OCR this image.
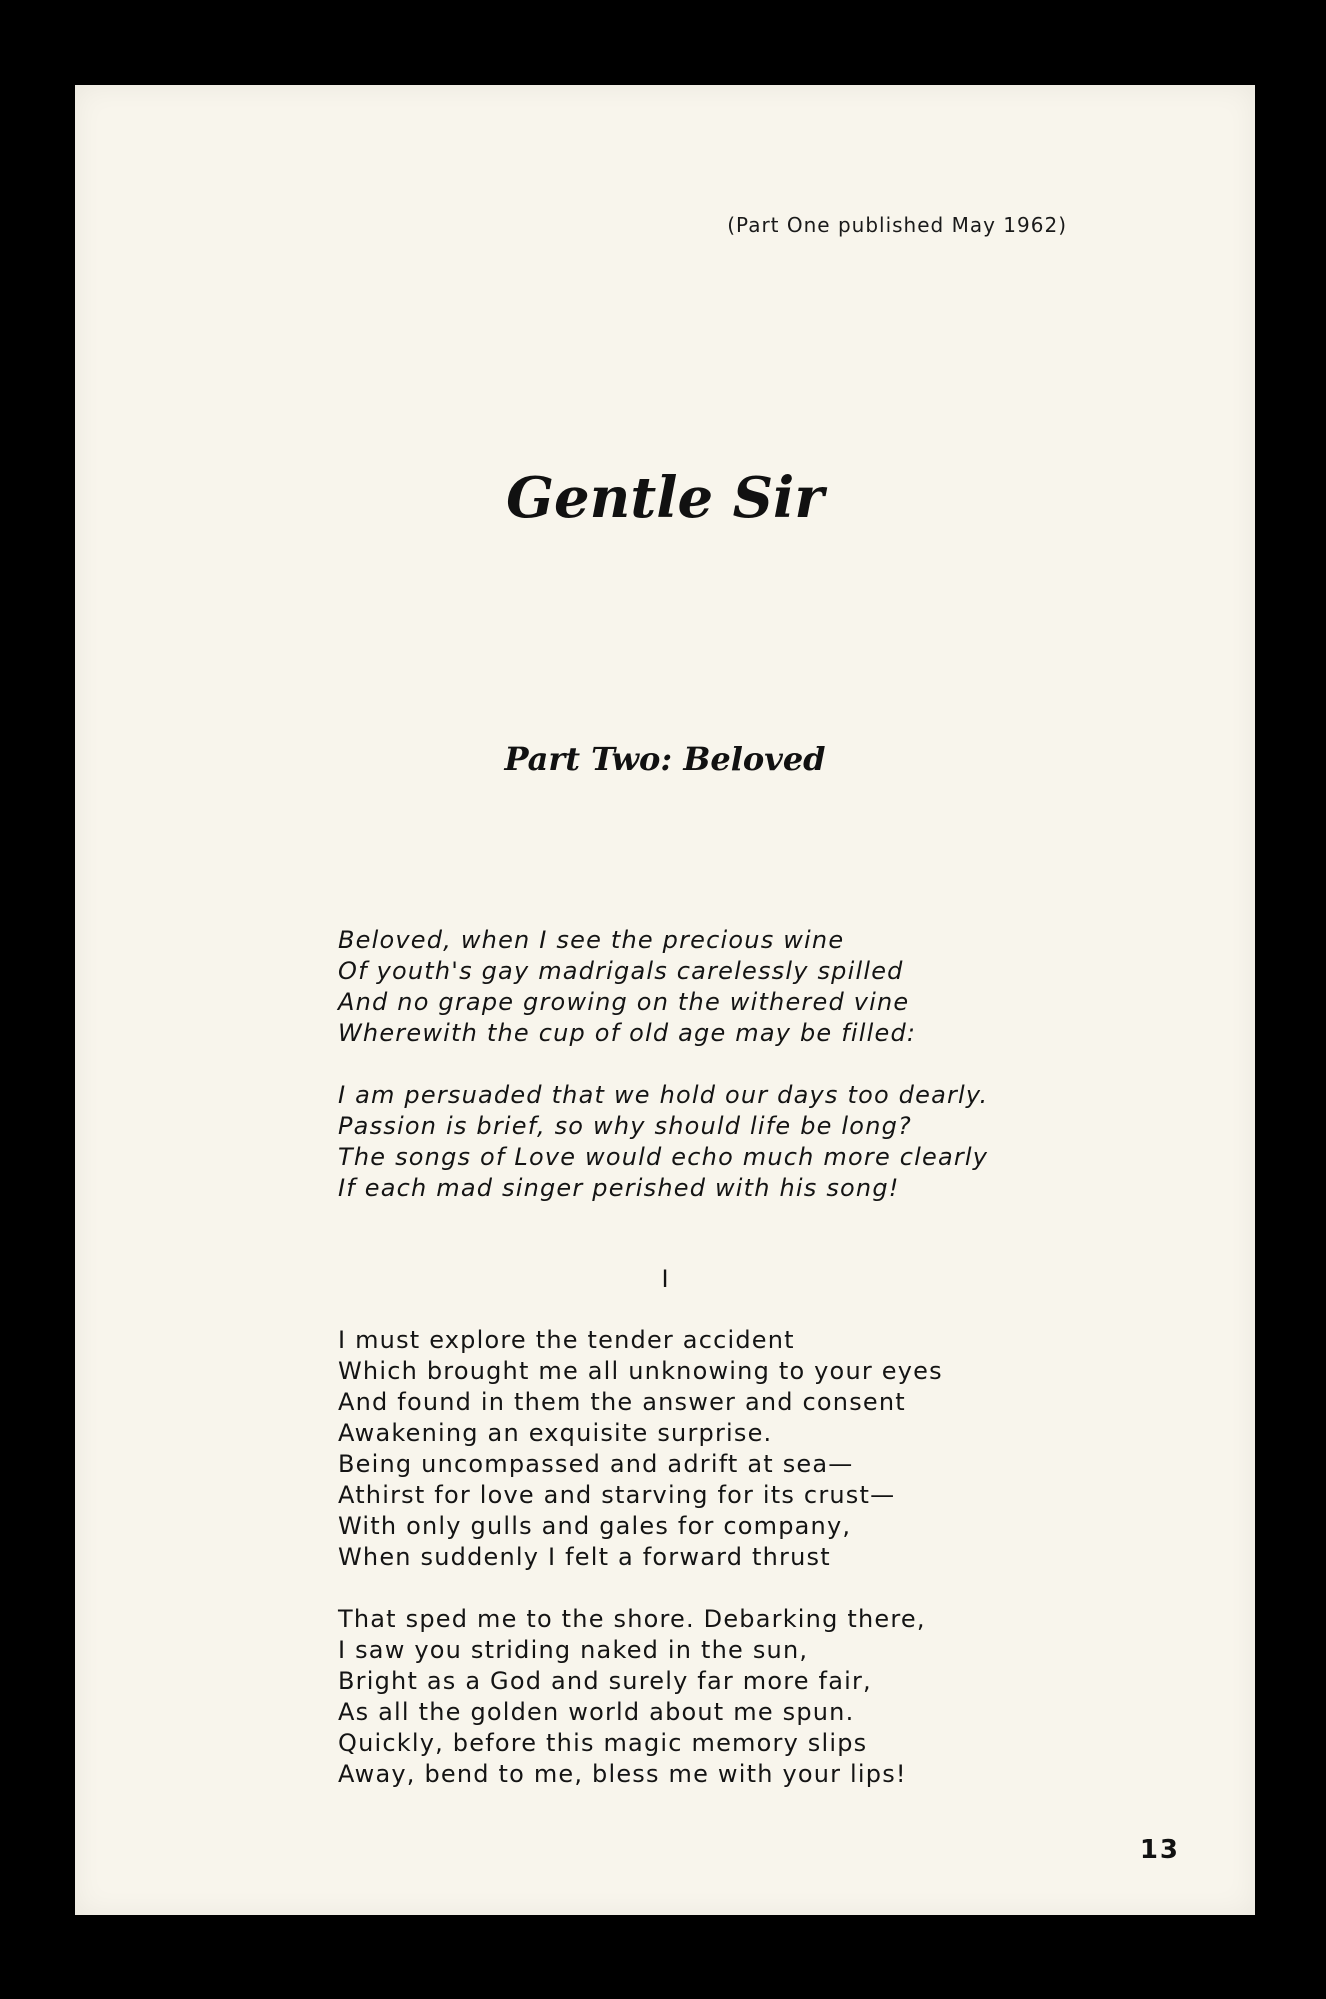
(Part One published May 1962)
Gentle Sir
Part Two: Beloved
Beloved, when I see the precious wine
Of youth's gay madrigals carelessly spilled
And no grape growing on the withered vine
Wherewith the cup of old age may be filled:
I am persuaded that we hold our days too dearly.
Passion is brief, so why should life be long?
The songs of Love would echo much more clearly
If each mad singer perished with his song!
I
I must explore the tender accident
Which brought me all unknowing to your eyes
And found in them the answer and consent
Awakening an exquisite surprise.
Being uncompassed and adrift at sea—
Athirst for love and starving for its crust—
With only gulls and gales for company,
When suddenly I felt a forward thrust
That sped me to the shore. Debarking there,
I saw you striding naked in the sun,
Bright as a God and surely far more fair,
As all the golden world about me spun.
Quickly, before this magic memory slips
Away, bend to me, bless me with your lips!
13
